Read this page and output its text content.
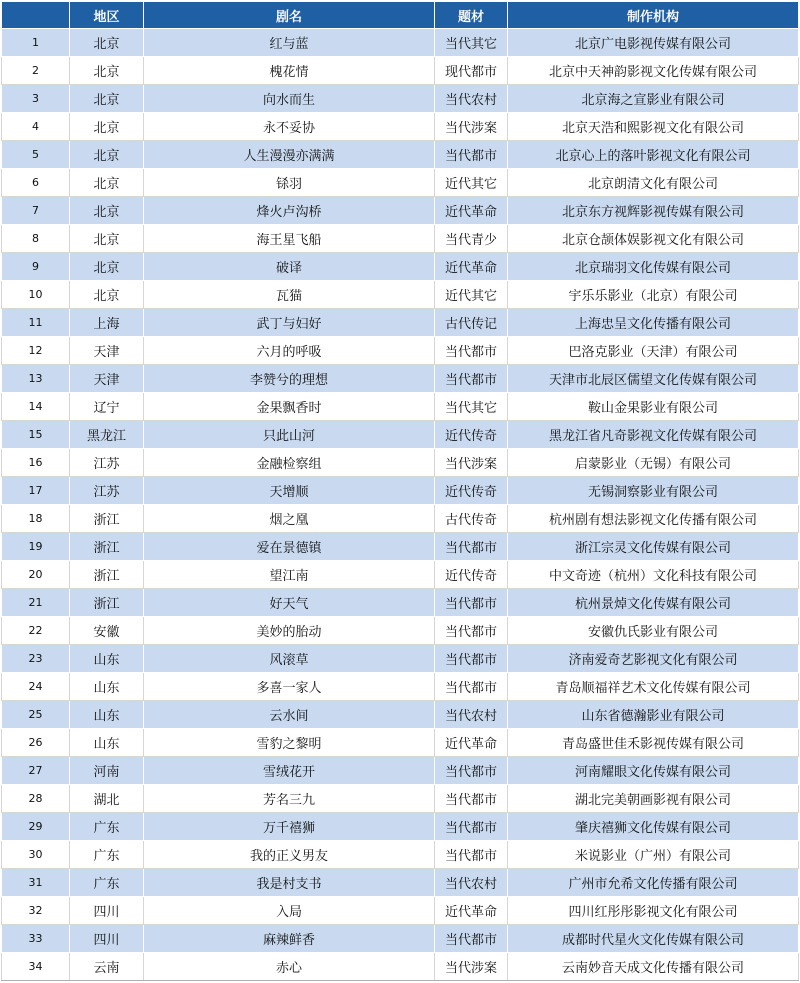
	地区	剧名	题材	制作机构
1	北京	红与蓝	当代其它	北京广电影视传媒有限公司
2	北京	槐花情	现代都市	北京中天神韵影视文化传媒有限公司
3	北京	向水而生	当代农村	北京海之宣影业有限公司
4	北京	永不妥协	当代涉案	北京天浩和熙影视文化有限公司
5	北京	人生漫漫亦满满	当代都市	北京心上的落叶影视文化有限公司
6	北京	铩羽	近代其它	北京朗清文化有限公司
7	北京	烽火卢沟桥	近代革命	北京东方视辉影视传媒有限公司
8	北京	海王星飞船	当代青少	北京仓颉体娱影视文化有限公司
9	北京	破译	近代革命	北京瑞羽文化传媒有限公司
10	北京	瓦猫	近代其它	宇乐乐影业（北京）有限公司
11	上海	武丁与妇好	古代传记	上海忠呈文化传播有限公司
12	天津	六月的呼吸	当代都市	巴洛克影业（天津）有限公司
13	天津	李赞兮的理想	当代都市	天津市北辰区儒望文化传媒有限公司
14	辽宁	金果飘香时	当代其它	鞍山金果影业有限公司
15	黑龙江	只此山河	近代传奇	黑龙江省凡奇影视文化传媒有限公司
16	江苏	金融检察组	当代涉案	启蒙影业（无锡）有限公司
17	江苏	天增顺	近代传奇	无锡洞察影业有限公司
18	浙江	烟之凰	古代传奇	杭州剧有想法影视文化传播有限公司
19	浙江	爱在景德镇	当代都市	浙江宗灵文化传媒有限公司
20	浙江	望江南	近代传奇	中文奇迹（杭州）文化科技有限公司
21	浙江	好天气	当代都市	杭州景焯文化传媒有限公司
22	安徽	美妙的胎动	当代都市	安徽仇氏影业有限公司
23	山东	风滚草	当代都市	济南爱奇艺影视文化有限公司
24	山东	多喜一家人	当代都市	青岛顺福祥艺术文化传媒有限公司
25	山东	云水间	当代农村	山东省德瀚影业有限公司
26	山东	雪豹之黎明	近代革命	青岛盛世佳禾影视传媒有限公司
27	河南	雪绒花开	当代都市	河南耀眼文化传媒有限公司
28	湖北	芳名三九	当代都市	湖北完美朝画影视有限公司
29	广东	万千禧狮	当代都市	肇庆禧狮文化传媒有限公司
30	广东	我的正义男友	当代都市	米说影业（广州）有限公司
31	广东	我是村支书	当代农村	广州市允希文化传播有限公司
32	四川	入局	近代革命	四川红彤彤影视文化有限公司
33	四川	麻辣鲜香	当代都市	成都时代星火文化传媒有限公司
34	云南	赤心	当代涉案	云南妙音天成文化传播有限公司
